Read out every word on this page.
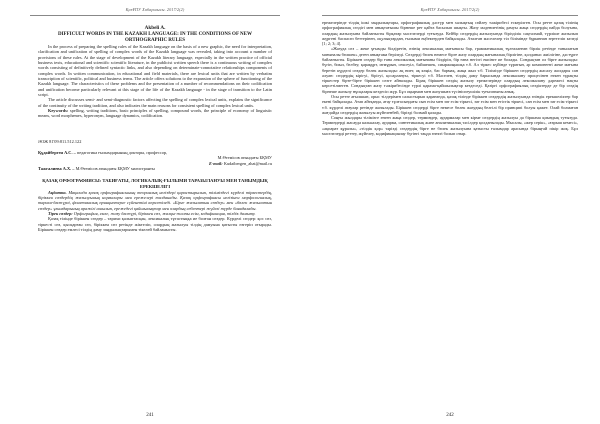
ҚазҰПУ Хабаршысы. 2017/2(2)
Akbeli A.
DIFFICULT WORDS IN THE KAZAKH LANGUAGE: IN THE CONDITIONS OF NEW ORTHOGRAPHIC RULES

In the process of preparing the spelling rules of the Kazakh language on the basis of a new graphic, the need for interpretation, clarification and unification of spelling of complex words of the Kazakh language was revealed, taking into account a number of provisions of these rules. At the stage of development of the Kazakh literary language, especially in the written practice of official business texts, educational and scientific scientific literature, in the publicist written speech there is a continuous writing of complex words consisting of definitively defined syntactic links, and also depending on determinate-connotative relationships components of complex words. In written communication, in educational and field materials, there are lexical units that are written by verbatim transcription of scientific, political and business terms. The article offers solutions to the expansion of the sphere of functioning of the Kazakh language. The characteristics of these problems and the presentation of a number of recommendations on their codification and unification become particularly relevant at this stage of the life of the Kazakh language - in the stage of transition to the Latin script.

The article discusses semi- and semi-diagnostic factors affecting the spelling of complex lexical units, explains the significance of the continuity of the writing tradition, and also indicates the main reasons for consistent spelling of complex lexical units.

Keywords: spelling, writing traditions, basic principles of spelling, compound words, the principle of economy of linguistic means, word morphemes, hyperonym, language dynamics, codification.

ӘОЖ 81'09:811.512.122
Құдайберген А.С. – педагогика ғылымдарының докторы, профессор,
М.Өтемісов атындағы БҚМУ
E-mail: Kudaibergen_ahat@mail.ru
Тажгалиева А.Х. – М.Өтемісов атындағы БҚМУ магистранты
ҚАЗАҚ ОРФОГРАФИЯСЫ: ТАБИҒАТЫ, ЛОГИКАЛЫҚ-ҒЫЛЫМИ ТАРАЗЫЛАНУЫ МЕН ТАНЫМДЫҚ ЕРЕКШЕЛІГІ

Аңдатпа. Мақалада қазақ орфографиясының теориялық негіздері қарастырылып, тіліміздегі күрделі тіркестердің, біріккен сөздердің жазылуының нормалары мен ережелері талданады. Қазақ орфографиясы негізінен морфологиялық, тарихи-дәстүрлі, фонетикалық принциптерге сүйенетіні көрсетіледі. «Бірге жазылатын сөздер» мен «бөлек жазылатын сөздер» ұғымдарының аражігі ашылып, ережедегі қайшылықтар мен олардың себептері жүйелі түрде баяндалады.

Тірек сөздер: Орфография, емле, жазу дәстүрі, біріккен сөз, жалқы-жалпы есім, кодификация, тілдік дамыту.

Қазақ тілінде біріккен сөздер – тарихи қалыптасқан, лексикалық тұтастыққа ие болған сөздер. Күрделі сөздер: қос сөз, тіркесті сөз, қысқарған сөз, біріккен сөз ретінде жіктеліп, олардың жазылуы тілдің дамуына қатысты өзгеріп отырады. Біріккен сөздер емлесі тілдің даму заңдылықтарымен тікелей байланысты.

241
ҚазҰПУ Хабаршысы. 2017/2(2)

ережелерінде тілдің ішкі заңдылықтары, орфографиялық дәстүр мен халықтың сөйлеу тәжірибесі ескерілген. Осы ретте қазақ тілінің орфографиялық сөздігі мен анықтағышы бірнеше рет қайта басылып шықты. Жазу мәдениетінің дамуы жаңа сөздердің пайда болуына, олардың жазылуына байланысты бірқатар мәселелерді туғызуда. Кейбір сөздердің жазылуында бірізділік сақталмай, түрліше жазылып жүргені баспасөз беттерінен, оқулықтардан, ғылыми еңбектерден байқалады. Аталған мәселелер тіл білімінде бұрыннан зерттеліп келеді [1; 2; 3; 4].

«Жазуда сөз – жеке ұғымды білдіретін, өзінің лексикалық мағынасы бар, грамматикалық тұлғаланған бірлік ретінде танылатын мағыналы бөлшек» деген анықтама беріледі. Сөздерді бөлек немесе бірге жазу олардың мағыналық бірлігіне, қолданыс жиілігіне, дәстүрге байланысты. Біріккен сөздер бір ғана лексикалық мағынаны білдіріп, бір ғана негізгі екпінге ие болады. Сондықтан ол бірге жазылады: бүгін, биыл, белбеу, қарақұрт, итмұрын, сексеуіл, бәйшешек, сиыржоңышқа т.б. Ал тіркес күйінде тұратын, әр компоненті жеке мағына беретін күрделі сөздер бөлек жазылады: ақ ниет, ақ көңіл, бас бармақ, жаңа жыл т.б. Тілімізде біріккен сөздердің жасалу жолдары сан алуан: сөздердің кірігуі, бірігуі, қосарлануы, тіркесуі т.б. Мәселен, тілдің даму барысында лексикалану процесінен өткен тұрақты тіркестер бірте-бірте біріккен сөзге айналады. Бірақ біріккен сөздің жазылу ережелерінде олардың лексикалану дәрежесі нақты көрсетілмеген. Сондықтан жазу тәжірибесінде түрлі қарама-қайшылықтар кездеседі. Қазіргі орфографиялық сөздіктерде де бір сөздің бірнеше жазылу нұсқалары кездесіп жүр. Бұл оқырман мен жазушыға түсініспеушілік туғызатыны анық.

Осы ретте ағылшын, орыс тілдерімен салыстырып қарағанда, қазақ тілінде біріккен сөздердің жазылуында өзіндік ерекшеліктер бар екені байқалады. Атап айтқанда, атау тұлғасындағы сын есім мен зат есім тіркесі, зат есім мен етістік тіркесі, сан есім мен зат есім тіркесі т.б. күрделі атаулар ретінде жазылады. Біріккен сөздерді бірге немесе бөлек жазудың белгілі бір принципі болуы қажет. Олай болмаған жағдайда сөздердің жазылуы жүйеленбей, бірізді болмай қалады.

Соңғы жылдары тілімізге енген жаңа сөздер, терминдер, аудармалар мен кірме сөздердің жазылуы да біршама қиындық туғызуда. Терминдерді жасауда калькалау, аударма, синтетикалық және аналитикалық тәсілдер қолданылады. Мысалы, «жер серік», «ғарыш кемесі», «ақпарат құралы», «тілдік қор» тәрізді сөздердің бірге не бөлек жазылуына қатысты ғалымдар арасында бірыңғай пікір жоқ. Бұл мәселелерді реттеу, жүйелеу, кодификациялау бүгінгі таңда өзекті болып отыр.

242
